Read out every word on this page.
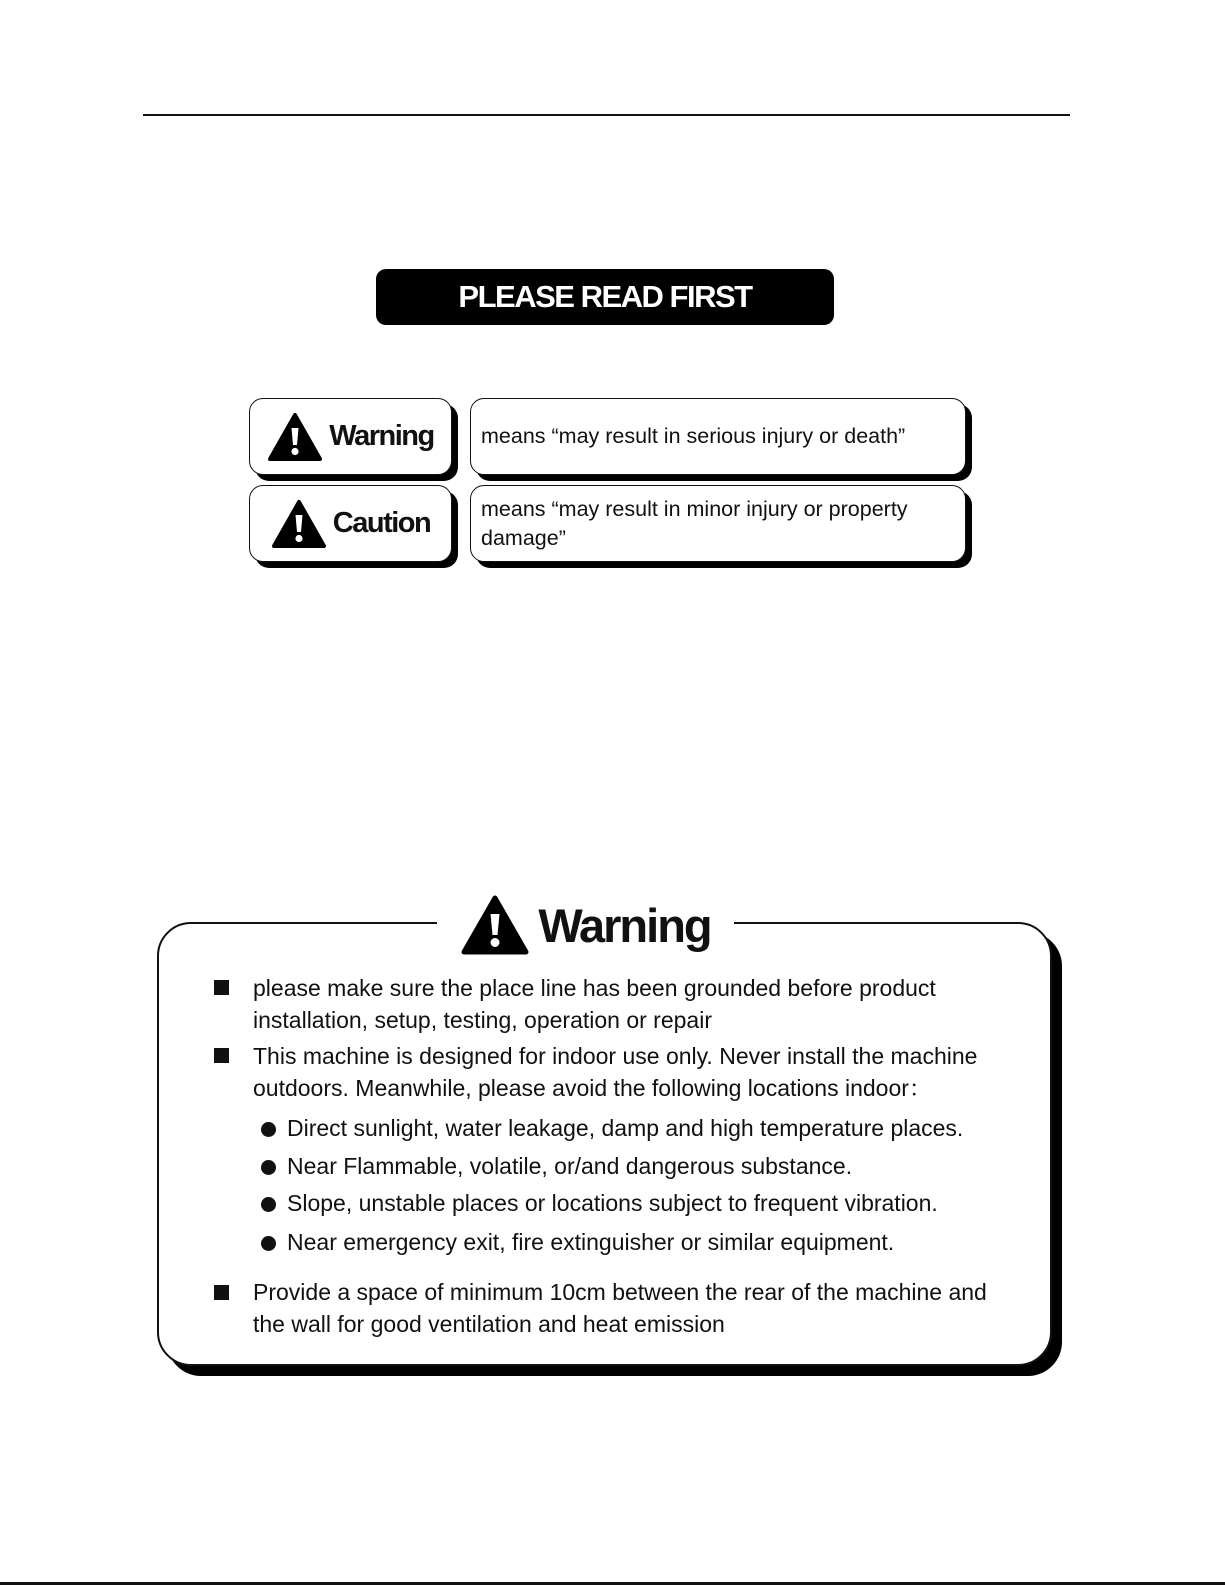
PLEASE READ FIRST
Warning means “may result in serious injury or death”
Caution means “may result in minor injury or property damage”
Warning
please make sure the place line has been grounded before product installation, setup, testing, operation or repair
This machine is designed for indoor use only. Never install the machine outdoors. Meanwhile, please avoid the following locations indoor：
Direct sunlight, water leakage, damp and high temperature places.
Near Flammable, volatile, or/and dangerous substance.
Slope, unstable places or locations subject to frequent vibration.
Near emergency exit, fire extinguisher or similar equipment.
Provide a space of minimum 10cm between the rear of the machine and the wall for good ventilation and heat emission
